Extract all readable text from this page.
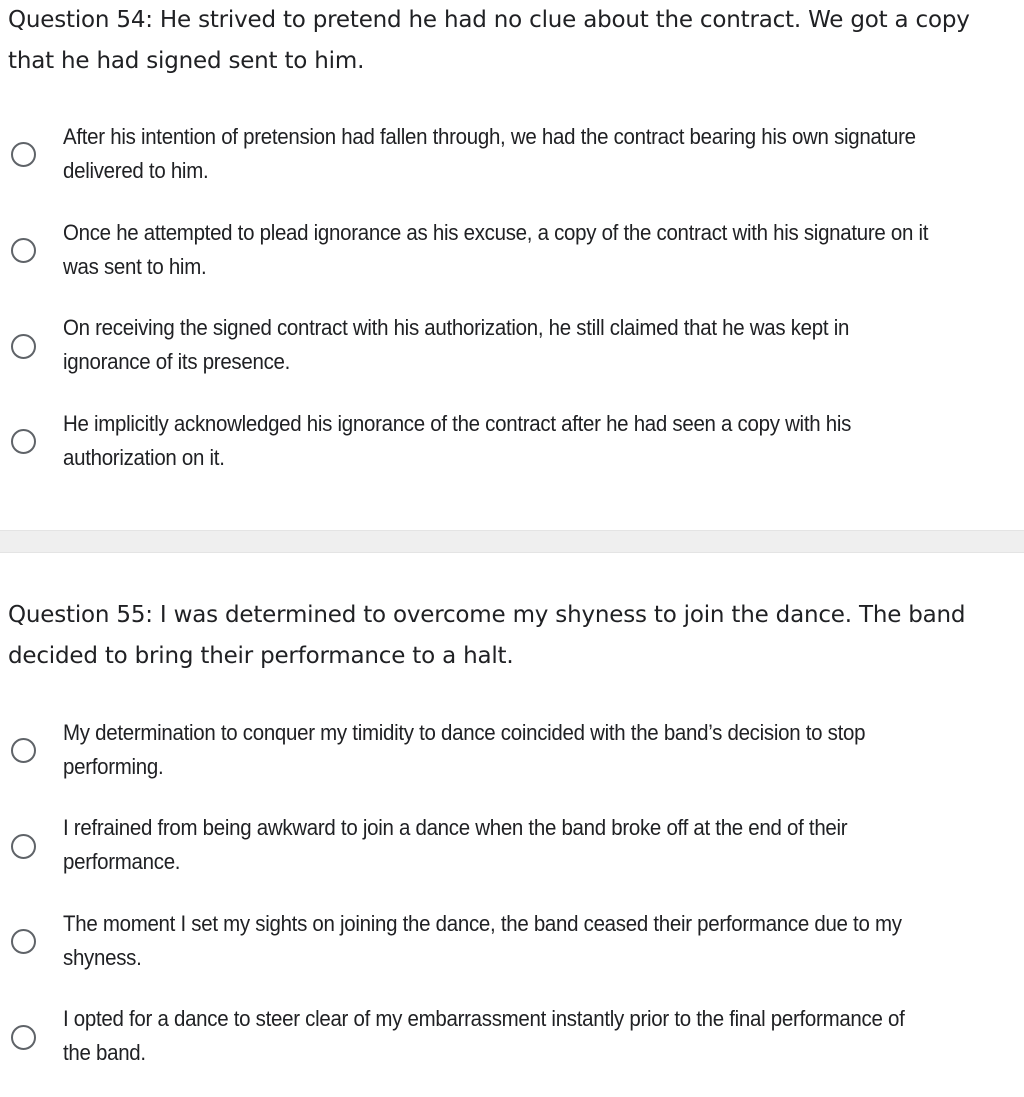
Question 54: He strived to pretend he had no clue about the contract. We got a copy that he had signed sent to him.
After his intention of pretension had fallen through, we had the contract bearing his own signature delivered to him.
Once he attempted to plead ignorance as his excuse, a copy of the contract with his signature on it was sent to him.
On receiving the signed contract with his authorization, he still claimed that he was kept in ignorance of its presence.
He implicitly acknowledged his ignorance of the contract after he had seen a copy with his authorization on it.
Question 55: I was determined to overcome my shyness to join the dance. The band decided to bring their performance to a halt.
My determination to conquer my timidity to dance coincided with the band’s decision to stop performing.
I refrained from being awkward to join a dance when the band broke off at the end of their performance.
The moment I set my sights on joining the dance, the band ceased their performance due to my shyness.
I opted for a dance to steer clear of my embarrassment instantly prior to the final performance of the band.
